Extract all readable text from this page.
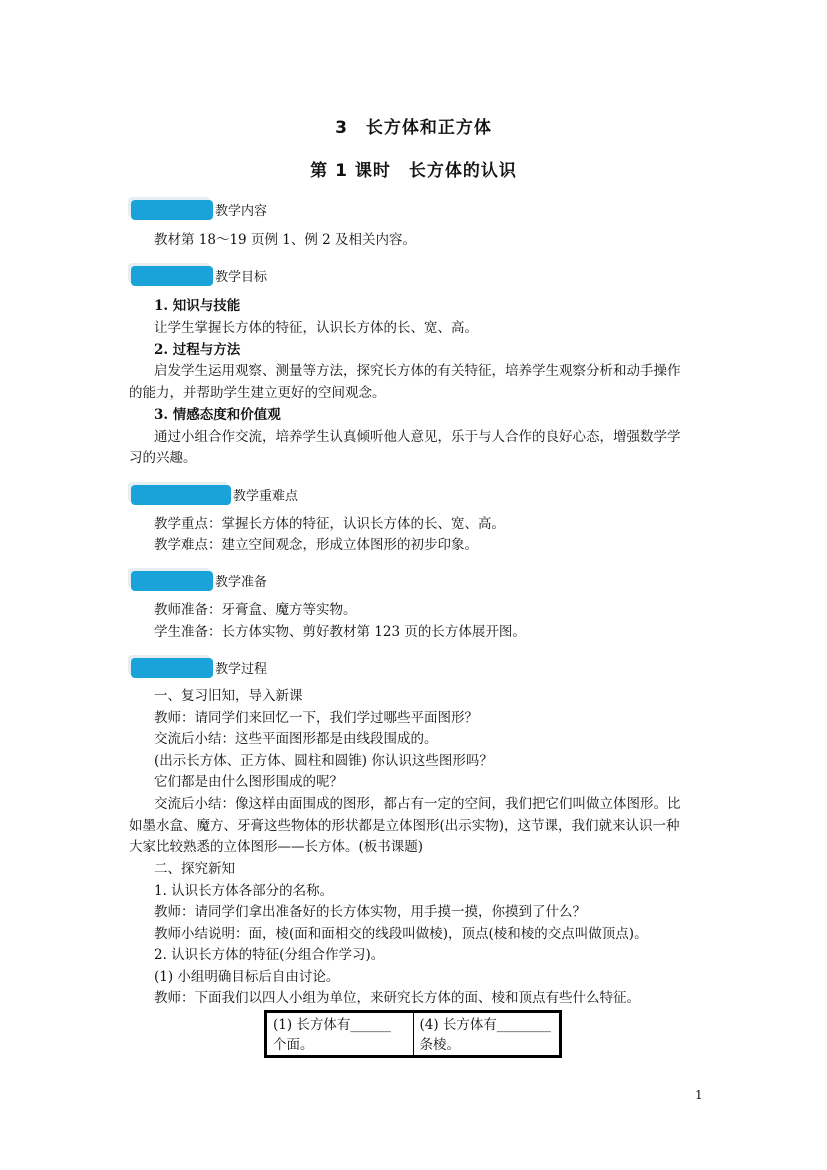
3　长方体和正方体
第 1 课时　长方体的认识
教学内容
教材第 18～19 页例 1、例 2 及相关内容。
教学目标
1. 知识与技能
让学生掌握长方体的特征，认识长方体的长、宽、高。
2. 过程与方法
启发学生运用观察、测量等方法，探究长方体的有关特征，培养学生观察分析和动手操作
的能力，并帮助学生建立更好的空间观念。
3. 情感态度和价值观
通过小组合作交流，培养学生认真倾听他人意见，乐于与人合作的良好心态，增强数学学
习的兴趣。
教学重难点
教学重点：掌握长方体的特征，认识长方体的长、宽、高。
教学难点：建立空间观念，形成立体图形的初步印象。
教学准备
教师准备：牙膏盒、魔方等实物。
学生准备：长方体实物、剪好教材第 123 页的长方体展开图。
教学过程
一、复习旧知，导入新课
教师：请同学们来回忆一下，我们学过哪些平面图形？
交流后小结：这些平面图形都是由线段围成的。
(出示长方体、正方体、圆柱和圆锥) 你认识这些图形吗？
它们都是由什么图形围成的呢？
交流后小结：像这样由面围成的图形，都占有一定的空间，我们把它们叫做立体图形。比
如墨水盒、魔方、牙膏这些物体的形状都是立体图形(出示实物)，这节课，我们就来认识一种
大家比较熟悉的立体图形——长方体。(板书课题)
二、探究新知
1. 认识长方体各部分的名称。
教师：请同学们拿出准备好的长方体实物，用手摸一摸，你摸到了什么？
教师小结说明：面，棱(面和面相交的线段叫做棱)，顶点(棱和棱的交点叫做顶点)。
2. 认识长方体的特征(分组合作学习)。
(1) 小组明确目标后自由讨论。
教师：下面我们以四人小组为单位，来研究长方体的面、棱和顶点有些什么特征。
(1) 长方体有______
个面。
(4) 长方体有________
条棱。
1
